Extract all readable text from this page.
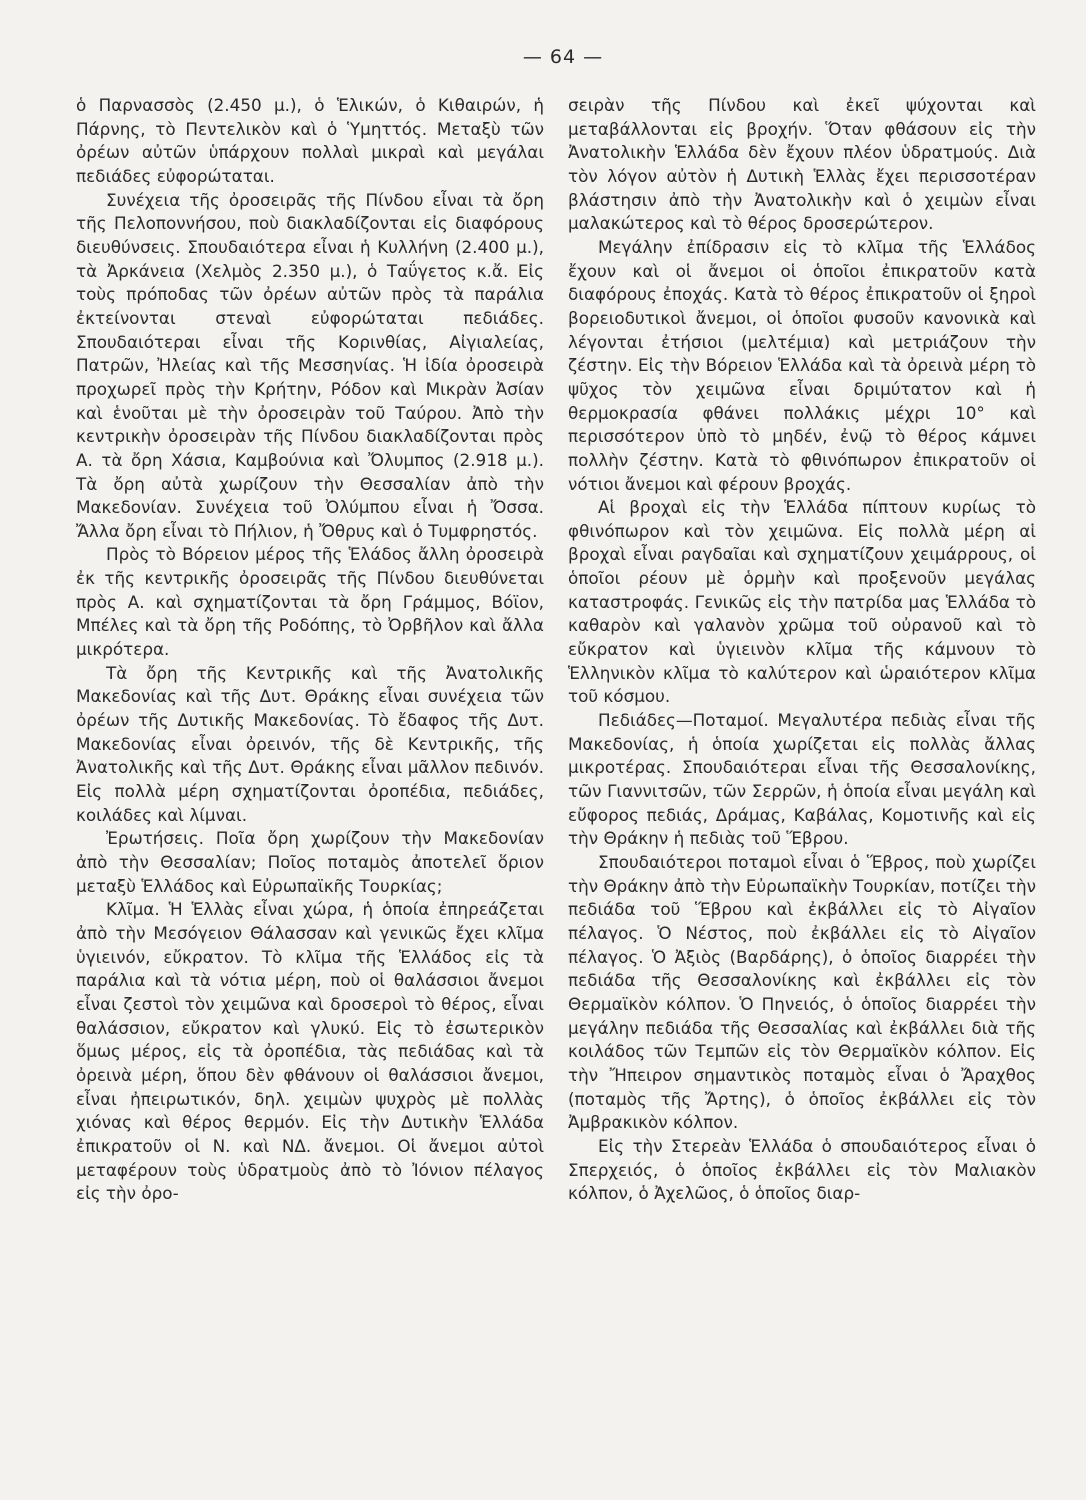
— 64 —

ὁ Παρνασσὸς (2.450 μ.), ὁ Ἑλικών, ὁ Κιθαιρών, ἡ Πάρνης, τὸ Πεντελικὸν καὶ ὁ Ὑμηττός. Μεταξὺ τῶν ὀρέων αὐτῶν ὑπάρχουν πολλαὶ μικραὶ καὶ μεγάλαι πεδιάδες εὐφορώταται.

Συνέχεια τῆς ὀροσειρᾶς τῆς Πίνδου εἶναι τὰ ὄρη τῆς Πελοποννήσου, ποὺ διακλαδίζονται εἰς διαφόρους διευθύνσεις. Σπουδαιότερα εἶναι ἡ Κυλλήνη (2.400 μ.), τὰ Ἀρκάνεια (Χελμὸς 2.350 μ.), ὁ Ταΰγετος κ.ἄ. Εἰς τοὺς πρόποδας τῶν ὀρέων αὐτῶν πρὸς τὰ παράλια ἐκτείνονται στεναὶ εὐφορώταται πεδιάδες. Σπουδαιότεραι εἶναι τῆς Κορινθίας, Αἰγιαλείας, Πατρῶν, Ἠλείας καὶ τῆς Μεσσηνίας. Ἡ ἰδία ὀροσειρὰ προχωρεῖ πρὸς τὴν Κρήτην, Ρόδον καὶ Μικρὰν Ἀσίαν καὶ ἑνοῦται μὲ τὴν ὀροσειρὰν τοῦ Ταύρου. Ἀπὸ τὴν κεντρικὴν ὀροσειρὰν τῆς Πίνδου διακλαδίζονται πρὸς Α. τὰ ὄρη Χάσια, Καμβούνια καὶ Ὄλυμπος (2.918 μ.). Τὰ ὄρη αὐτὰ χωρίζουν τὴν Θεσσαλίαν ἀπὸ τὴν Μακεδονίαν. Συνέχεια τοῦ Ὀλύμπου εἶναι ἡ Ὄσσα. Ἄλλα ὄρη εἶναι τὸ Πήλιον, ἡ Ὄθρυς καὶ ὁ Τυμφρηστός.

Πρὸς τὸ Βόρειον μέρος τῆς Ἑλάδος ἄλλη ὀροσειρὰ ἐκ τῆς κεντρικῆς ὀροσειρᾶς τῆς Πίνδου διευθύνεται πρὸς Α. καὶ σχηματίζονται τὰ ὄρη Γράμμος, Βόϊον, Μπέλες καὶ τὰ ὄρη τῆς Ροδόπης, τὸ Ὀρβῆλον καὶ ἄλλα μικρότερα.

Τὰ ὄρη τῆς Κεντρικῆς καὶ τῆς Ἀνατολικῆς Μακεδονίας καὶ τῆς Δυτ. Θράκης εἶναι συνέχεια τῶν ὀρέων τῆς Δυτικῆς Μακεδονίας. Τὸ ἔδαφος τῆς Δυτ. Μακεδονίας εἶναι ὀρεινόν, τῆς δὲ Κεντρικῆς, τῆς Ἀνατολικῆς καὶ τῆς Δυτ. Θράκης εἶναι μᾶλλον πεδινόν. Εἰς πολλὰ μέρη σχηματίζονται ὀροπέδια, πεδιάδες, κοιλάδες καὶ λίμναι.

Ἐρωτήσεις. Ποῖα ὄρη χωρίζουν τὴν Μακεδονίαν ἀπὸ τὴν Θεσσαλίαν; Ποῖος ποταμὸς ἀποτελεῖ ὅριον μεταξὺ Ἑλλάδος καὶ Εὐρωπαϊκῆς Τουρκίας;

Κλῖμα. Ἡ Ἑλλὰς εἶναι χώρα, ἡ ὁποία ἐπηρεάζεται ἀπὸ τὴν Μεσόγειον Θάλασσαν καὶ γενικῶς ἔχει κλῖμα ὑγιεινόν, εὔκρατον. Τὸ κλῖμα τῆς Ἑλλάδος εἰς τὰ παράλια καὶ τὰ νότια μέρη, ποὺ οἱ θαλάσσιοι ἄνεμοι εἶναι ζεστοὶ τὸν χειμῶνα καὶ δροσεροὶ τὸ θέρος, εἶναι θαλάσσιον, εὔκρατον καὶ γλυκύ. Εἰς τὸ ἐσωτερικὸν ὅμως μέρος, εἰς τὰ ὀροπέδια, τὰς πεδιάδας καὶ τὰ ὀρεινὰ μέρη, ὅπου δὲν φθάνουν οἱ θαλάσσιοι ἄνεμοι, εἶναι ἠπειρωτικόν, δηλ. χειμὼν ψυχρὸς μὲ πολλὰς χιόνας καὶ θέρος θερμόν. Εἰς τὴν Δυτικὴν Ἑλλάδα ἐπικρατοῦν οἱ Ν. καὶ ΝΔ. ἄνεμοι. Οἱ ἄνεμοι αὐτοὶ μεταφέρουν τοὺς ὑδρατμοὺς ἀπὸ τὸ Ἰόνιον πέλαγος εἰς τὴν ὀρο-

σειρὰν τῆς Πίνδου καὶ ἐκεῖ ψύχονται καὶ μεταβάλλονται εἰς βροχήν. Ὅταν φθάσουν εἰς τὴν Ἀνατολικὴν Ἑλλάδα δὲν ἔχουν πλέον ὑδρατμούς. Διὰ τὸν λόγον αὐτὸν ἡ Δυτικὴ Ἑλλὰς ἔχει περισσοτέραν βλάστησιν ἀπὸ τὴν Ἀνατολικὴν καὶ ὁ χειμὼν εἶναι μαλακώτερος καὶ τὸ θέρος δροσερώτερον.

Μεγάλην ἐπίδρασιν εἰς τὸ κλῖμα τῆς Ἑλλάδος ἔχουν καὶ οἱ ἄνεμοι οἱ ὁποῖοι ἐπικρατοῦν κατὰ διαφόρους ἐποχάς. Κατὰ τὸ θέρος ἐπικρατοῦν οἱ ξηροὶ βορειοδυτικοὶ ἄνεμοι, οἱ ὁποῖοι φυσοῦν κανονικὰ καὶ λέγονται ἐτήσιοι (μελτέμια) καὶ μετριάζουν τὴν ζέστην. Εἰς τὴν Βόρειον Ἑλλάδα καὶ τὰ ὀρεινὰ μέρη τὸ ψῦχος τὸν χειμῶνα εἶναι δριμύτατον καὶ ἡ θερμοκρασία φθάνει πολλάκις μέχρι 10° καὶ περισσότερον ὑπὸ τὸ μηδέν, ἐνῷ τὸ θέρος κάμνει πολλὴν ζέστην. Κατὰ τὸ φθινόπωρον ἐπικρατοῦν οἱ νότιοι ἄνεμοι καὶ φέρουν βροχάς.

Αἱ βροχαὶ εἰς τὴν Ἑλλάδα πίπτουν κυρίως τὸ φθινόπωρον καὶ τὸν χειμῶνα. Εἰς πολλὰ μέρη αἱ βροχαὶ εἶναι ραγδαῖαι καὶ σχηματίζουν χειμάρρους, οἱ ὁποῖοι ρέουν μὲ ὁρμὴν καὶ προξενοῦν μεγάλας καταστροφάς. Γενικῶς εἰς τὴν πατρίδα μας Ἑλλάδα τὸ καθαρὸν καὶ γαλανὸν χρῶμα τοῦ οὐρανοῦ καὶ τὸ εὔκρατον καὶ ὑγιεινὸν κλῖμα τῆς κάμνουν τὸ Ἑλληνικὸν κλῖμα τὸ καλύτερον καὶ ὡραιότερον κλῖμα τοῦ κόσμου.

Πεδιάδες—Ποταμοί. Μεγαλυτέρα πεδιὰς εἶναι τῆς Μακεδονίας, ἡ ὁποία χωρίζεται εἰς πολλὰς ἄλλας μικροτέρας. Σπουδαιότεραι εἶναι τῆς Θεσσαλονίκης, τῶν Γιαννιτσῶν, τῶν Σερρῶν, ἡ ὁποία εἶναι μεγάλη καὶ εὔφορος πεδιάς, Δράμας, Καβάλας, Κομοτινῆς καὶ εἰς τὴν Θράκην ἡ πεδιὰς τοῦ Ἕβρου.

Σπουδαιότεροι ποταμοὶ εἶναι ὁ Ἕβρος, ποὺ χωρίζει τὴν Θράκην ἀπὸ τὴν Εὐρωπαϊκὴν Τουρκίαν, ποτίζει τὴν πεδιάδα τοῦ Ἕβρου καὶ ἐκβάλλει εἰς τὸ Αἰγαῖον πέλαγος. Ὁ Νέστος, ποὺ ἐκβάλλει εἰς τὸ Αἰγαῖον πέλαγος. Ὁ Ἀξιὸς (Βαρδάρης), ὁ ὁποῖος διαρρέει τὴν πεδιάδα τῆς Θεσσαλονίκης καὶ ἐκβάλλει εἰς τὸν Θερμαϊκὸν κόλπον. Ὁ Πηνειός, ὁ ὁποῖος διαρρέει τὴν μεγάλην πεδιάδα τῆς Θεσσαλίας καὶ ἐκβάλλει διὰ τῆς κοιλάδος τῶν Τεμπῶν εἰς τὸν Θερμαϊκὸν κόλπον. Εἰς τὴν Ἤπειρον σημαντικὸς ποταμὸς εἶναι ὁ Ἄραχθος (ποταμὸς τῆς Ἄρτης), ὁ ὁποῖος ἐκβάλλει εἰς τὸν Ἀμβρακικὸν κόλπον.

Εἰς τὴν Στερεὰν Ἑλλάδα ὁ σπουδαιότερος εἶναι ὁ Σπερχειός, ὁ ὁποῖος ἐκβάλλει εἰς τὸν Μαλιακὸν κόλπον, ὁ Ἀχελῶος, ὁ ὁποῖος διαρ-
